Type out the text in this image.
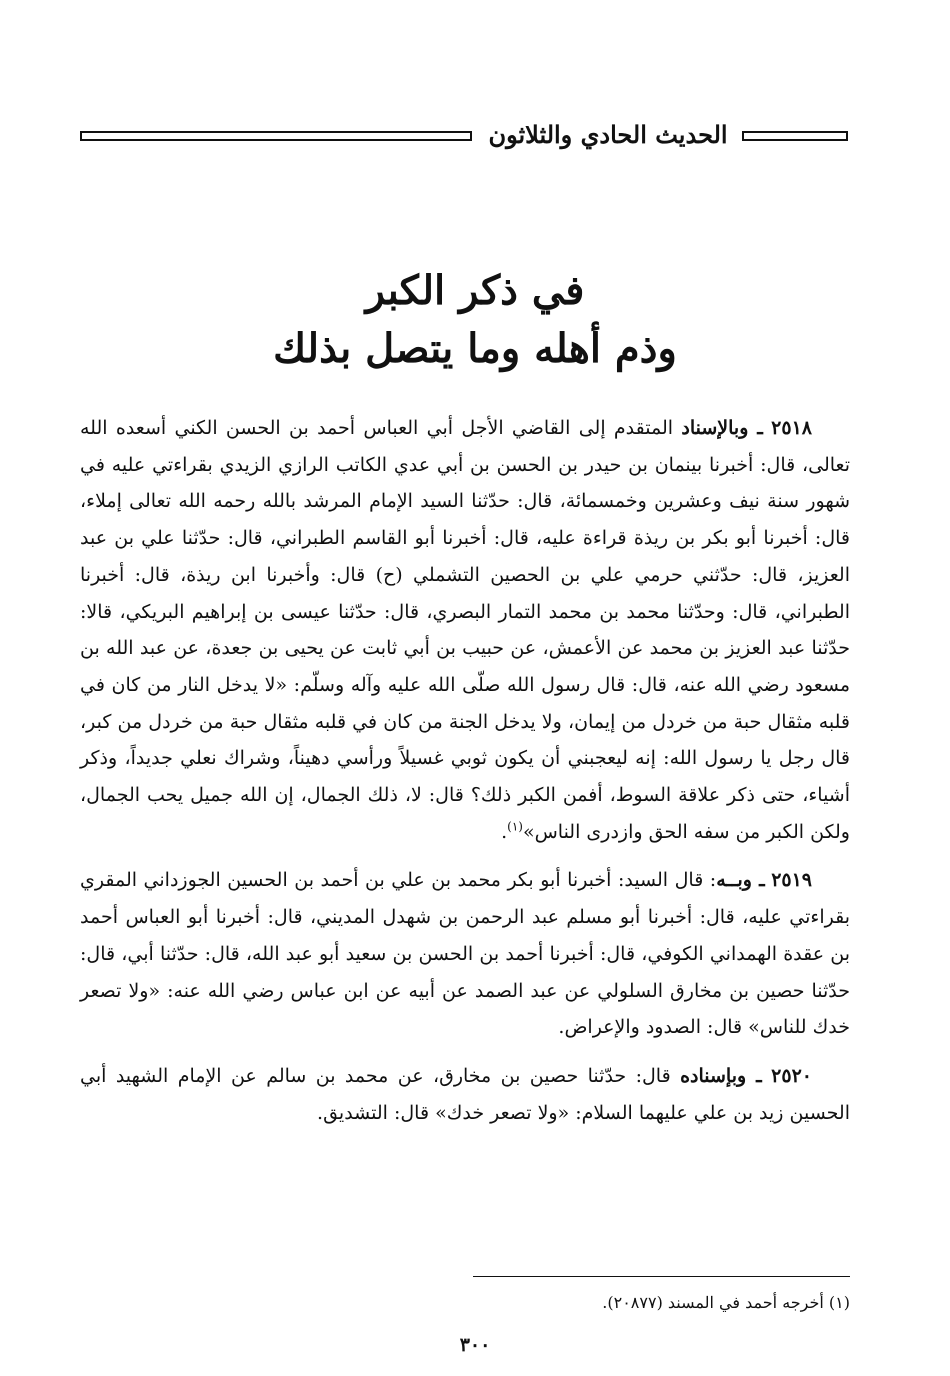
الحديث الحادي والثلاثون
في ذكر الكبر
وذم أهله وما يتصل بذلك

٢٥١٨ ـ وبالإسناد المتقدم إلى القاضي الأجل أبي العباس أحمد بن الحسن الكني أسعده الله تعالى، قال: أخبرنا بينمان بن حيدر بن الحسن بن أبي عدي الكاتب الرازي الزيدي بقراءتي عليه في شهور سنة نيف وعشرين وخمسمائة، قال: حدّثنا السيد الإمام المرشد بالله رحمه الله تعالى إملاء، قال: أخبرنا أبو بكر بن ريذة قراءة عليه، قال: أخبرنا أبو القاسم الطبراني، قال: حدّثنا علي بن عبد العزيز، قال: حدّثني حرمي علي بن الحصين التشملي (ح) قال: وأخبرنا ابن ريذة، قال: أخبرنا الطبراني، قال: وحدّثنا محمد بن محمد التمار البصري، قال: حدّثنا عيسى بن إبراهيم البريكي، قالا: حدّثنا عبد العزيز بن محمد عن الأعمش، عن حبيب بن أبي ثابت عن يحيى بن جعدة، عن عبد الله بن مسعود رضي الله عنه، قال: قال رسول الله صلّى الله عليه وآله وسلّم: «لا يدخل النار من كان في قلبه مثقال حبة من خردل من إيمان، ولا يدخل الجنة من كان في قلبه مثقال حبة من خردل من كبر، قال رجل يا رسول الله: إنه ليعجبني أن يكون ثوبي غسيلاً ورأسي دهيناً، وشراك نعلي جديداً، وذكر أشياء، حتى ذكر علاقة السوط، أفمن الكبر ذلك؟ قال: لا، ذلك الجمال، إن الله جميل يحب الجمال، ولكن الكبر من سفه الحق وازدرى الناس»$^{(١)}$.

٢٥١٩ ـ وبــه: قال السيد: أخبرنا أبو بكر محمد بن علي بن أحمد بن الحسين الجوزداني المقري بقراءتي عليه، قال: أخبرنا أبو مسلم عبد الرحمن بن شهدل المديني، قال: أخبرنا أبو العباس أحمد بن عقدة الهمداني الكوفي، قال: أخبرنا أحمد بن الحسن بن سعيد أبو عبد الله، قال: حدّثنا أبي، قال: حدّثنا حصين بن مخارق السلولي عن عبد الصمد عن أبيه عن ابن عباس رضي الله عنه: «ولا تصعر خدك للناس» قال: الصدود والإعراض.

٢٥٢٠ ـ وبإسناده قال: حدّثنا حصين بن مخارق، عن محمد بن سالم عن الإمام الشهيد أبي الحسين زيد بن علي عليهما السلام: «ولا تصعر خدك» قال: التشديق.

(١) أخرجه أحمد في المسند (٢٠٨٧٧).
٣٠٠
